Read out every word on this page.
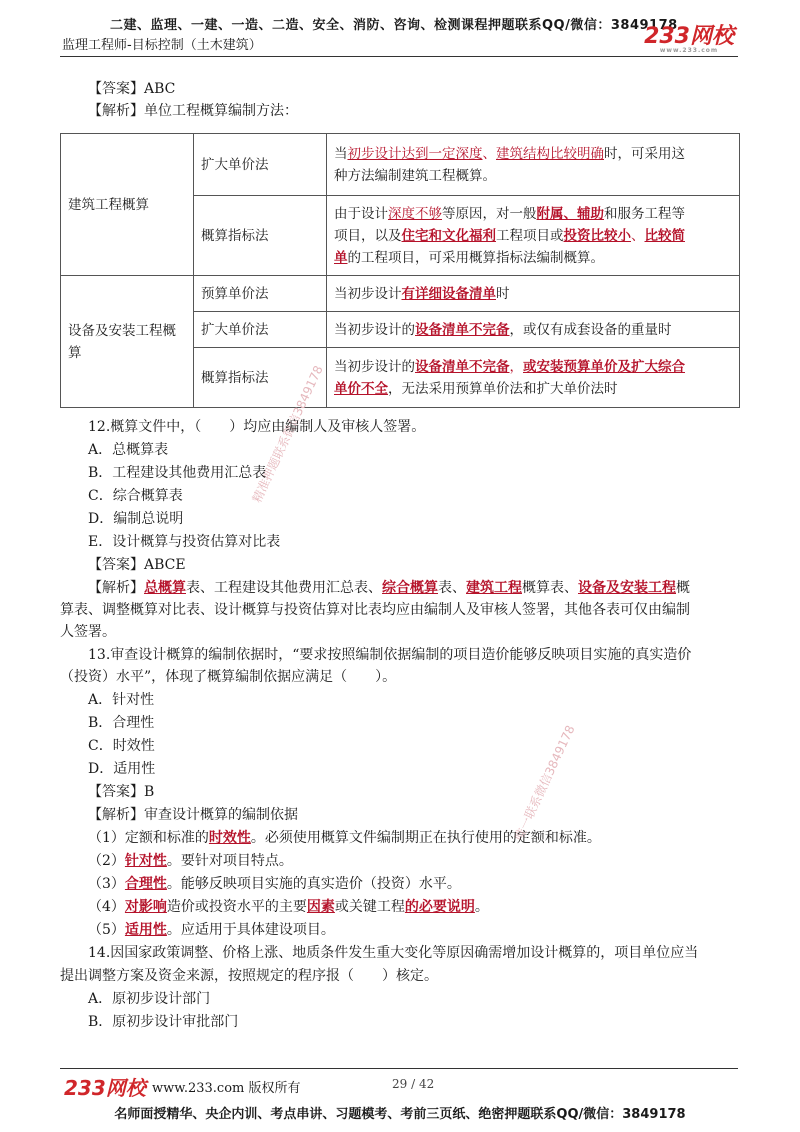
二建、监理、一建、一造、二造、安全、消防、咨询、检测课程押题联系QQ/微信：3849178
监理工程师-目标控制（土木建筑）	233网校
www.233.com
【答案】ABC
【解析】单位工程概算编制方法：
建筑工程概算	扩大单价法	当初步设计达到一定深度、建筑结构比较明确时，可采用这
种方法编制建筑工程概算。
	概算指标法	由于设计深度不够等原因，对一般附属、辅助和服务工程等
项目，以及住宅和文化福利工程项目或投资比较小、比较简
单的工程项目，可采用概算指标法编制概算。
设备及安装工程概
算	预算单价法	当初步设计有详细设备清单时
	扩大单价法	当初步设计的设备清单不完备，或仅有成套设备的重量时
	概算指标法	当初步设计的设备清单不完备，或安装预算单价及扩大综合
单价不全，无法采用预算单价法和扩大单价法时
精准押题联系微信3849178
唯一联系微信3849178
12.概算文件中，（　　）均应由编制人及审核人签署。
A．总概算表
B．工程建设其他费用汇总表
C．综合概算表
D．编制总说明
E．设计概算与投资估算对比表
【答案】ABCE
【解析】总概算表、工程建设其他费用汇总表、综合概算表、建筑工程概算表、设备及安装工程概
算表、调整概算对比表、设计概算与投资估算对比表均应由编制人及审核人签署，其他各表可仅由编制
人签署。
13.审查设计概算的编制依据时，“要求按照编制依据编制的项目造价能够反映项目实施的真实造价
（投资）水平”，体现了概算编制依据应满足（　　）。
A．针对性
B．合理性
C．时效性
D．适用性
【答案】B
【解析】审查设计概算的编制依据
（1）定额和标准的时效性。必须使用概算文件编制期正在执行使用的定额和标准。
（2）针对性。要针对项目特点。
（3）合理性。能够反映项目实施的真实造价（投资）水平。
（4）对影响造价或投资水平的主要因素或关键工程的必要说明。
（5）适用性。应适用于具体建设项目。
14.因国家政策调整、价格上涨、地质条件发生重大变化等原因确需增加设计概算的，项目单位应当
提出调整方案及资金来源，按照规定的程序报（　　）核定。
A．原初步设计部门
B．原初步设计审批部门
233网校 www.233.com 版权所有	29 / 42
名师面授精华、央企内训、考点串讲、习题模考、考前三页纸、绝密押题联系QQ/微信：3849178
